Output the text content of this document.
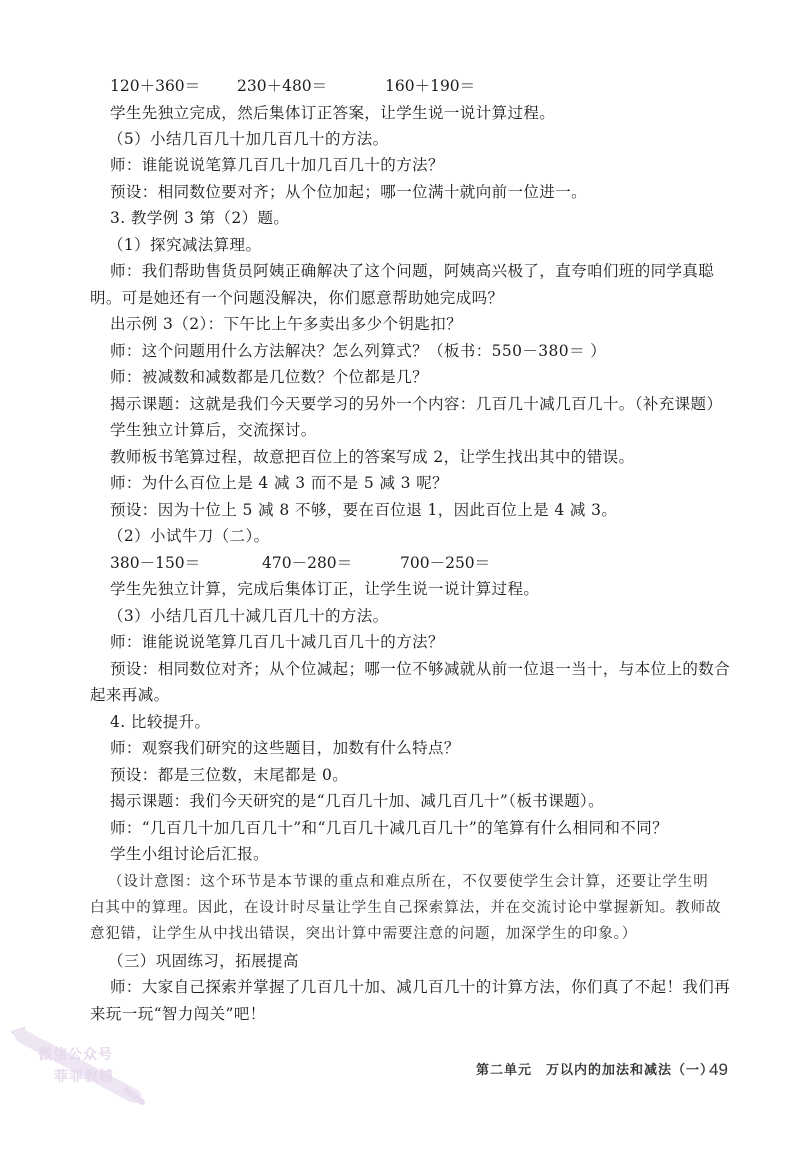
120＋360＝ 230＋480＝	160＋190＝
学生先独立完成，然后集体订正答案，让学生说一说计算过程。
（5）小结几百几十加几百几十的方法。
师：谁能说说笔算几百几十加几百几十的方法？
预设：相同数位要对齐；从个位加起；哪一位满十就向前一位进一。
3. 教学例 3 第（2）题。
（1）探究减法算理。
师：我们帮助售货员阿姨正确解决了这个问题，阿姨高兴极了，直夸咱们班的同学真聪
明。可是她还有一个问题没解决，你们愿意帮助她完成吗？
出示例 3（2）：下午比上午多卖出多少个钥匙扣？
师：这个问题用什么方法解决？怎么列算式？（板书：550－380＝ ）
师：被减数和减数都是几位数？个位都是几？
揭示课题：这就是我们今天要学习的另外一个内容：几百几十减几百几十。（补充课题）
学生独立计算后，交流探讨。
教师板书笔算过程，故意把百位上的答案写成 2，让学生找出其中的错误。
师：为什么百位上是 4 减 3 而不是 5 减 3 呢？
预设：因为十位上 5 减 8 不够，要在百位退 1，因此百位上是 4 减 3。
（2）小试牛刀（二）。
380－150＝	470－280＝	700－250＝
学生先独立计算，完成后集体订正，让学生说一说计算过程。
（3）小结几百几十减几百几十的方法。
师：谁能说说笔算几百几十减几百几十的方法？
预设：相同数位对齐；从个位减起；哪一位不够减就从前一位退一当十，与本位上的数合
起来再减。
4. 比较提升。
师：观察我们研究的这些题目，加数有什么特点？
预设：都是三位数，末尾都是 0。
揭示课题：我们今天研究的是“几百几十加、减几百几十”（板书课题）。
师：“几百几十加几百几十”和“几百几十减几百几十”的笔算有什么相同和不同？
学生小组讨论后汇报。
（设计意图：这个环节是本节课的重点和难点所在，不仅要使学生会计算，还要让学生明
白其中的算理。因此，在设计时尽量让学生自己探索算法，并在交流讨论中掌握新知。教师故
意犯错，让学生从中找出错误，突出计算中需要注意的问题，加深学生的印象。）
（三）巩固练习，拓展提高
师：大家自己探索并掌握了几百几十加、减几百几十的计算方法，你们真了不起！我们再
来玩一玩“智力闯关”吧！
微信公众号
菲菲教辅	第二单元　万以内的加法和减法（一）
49
